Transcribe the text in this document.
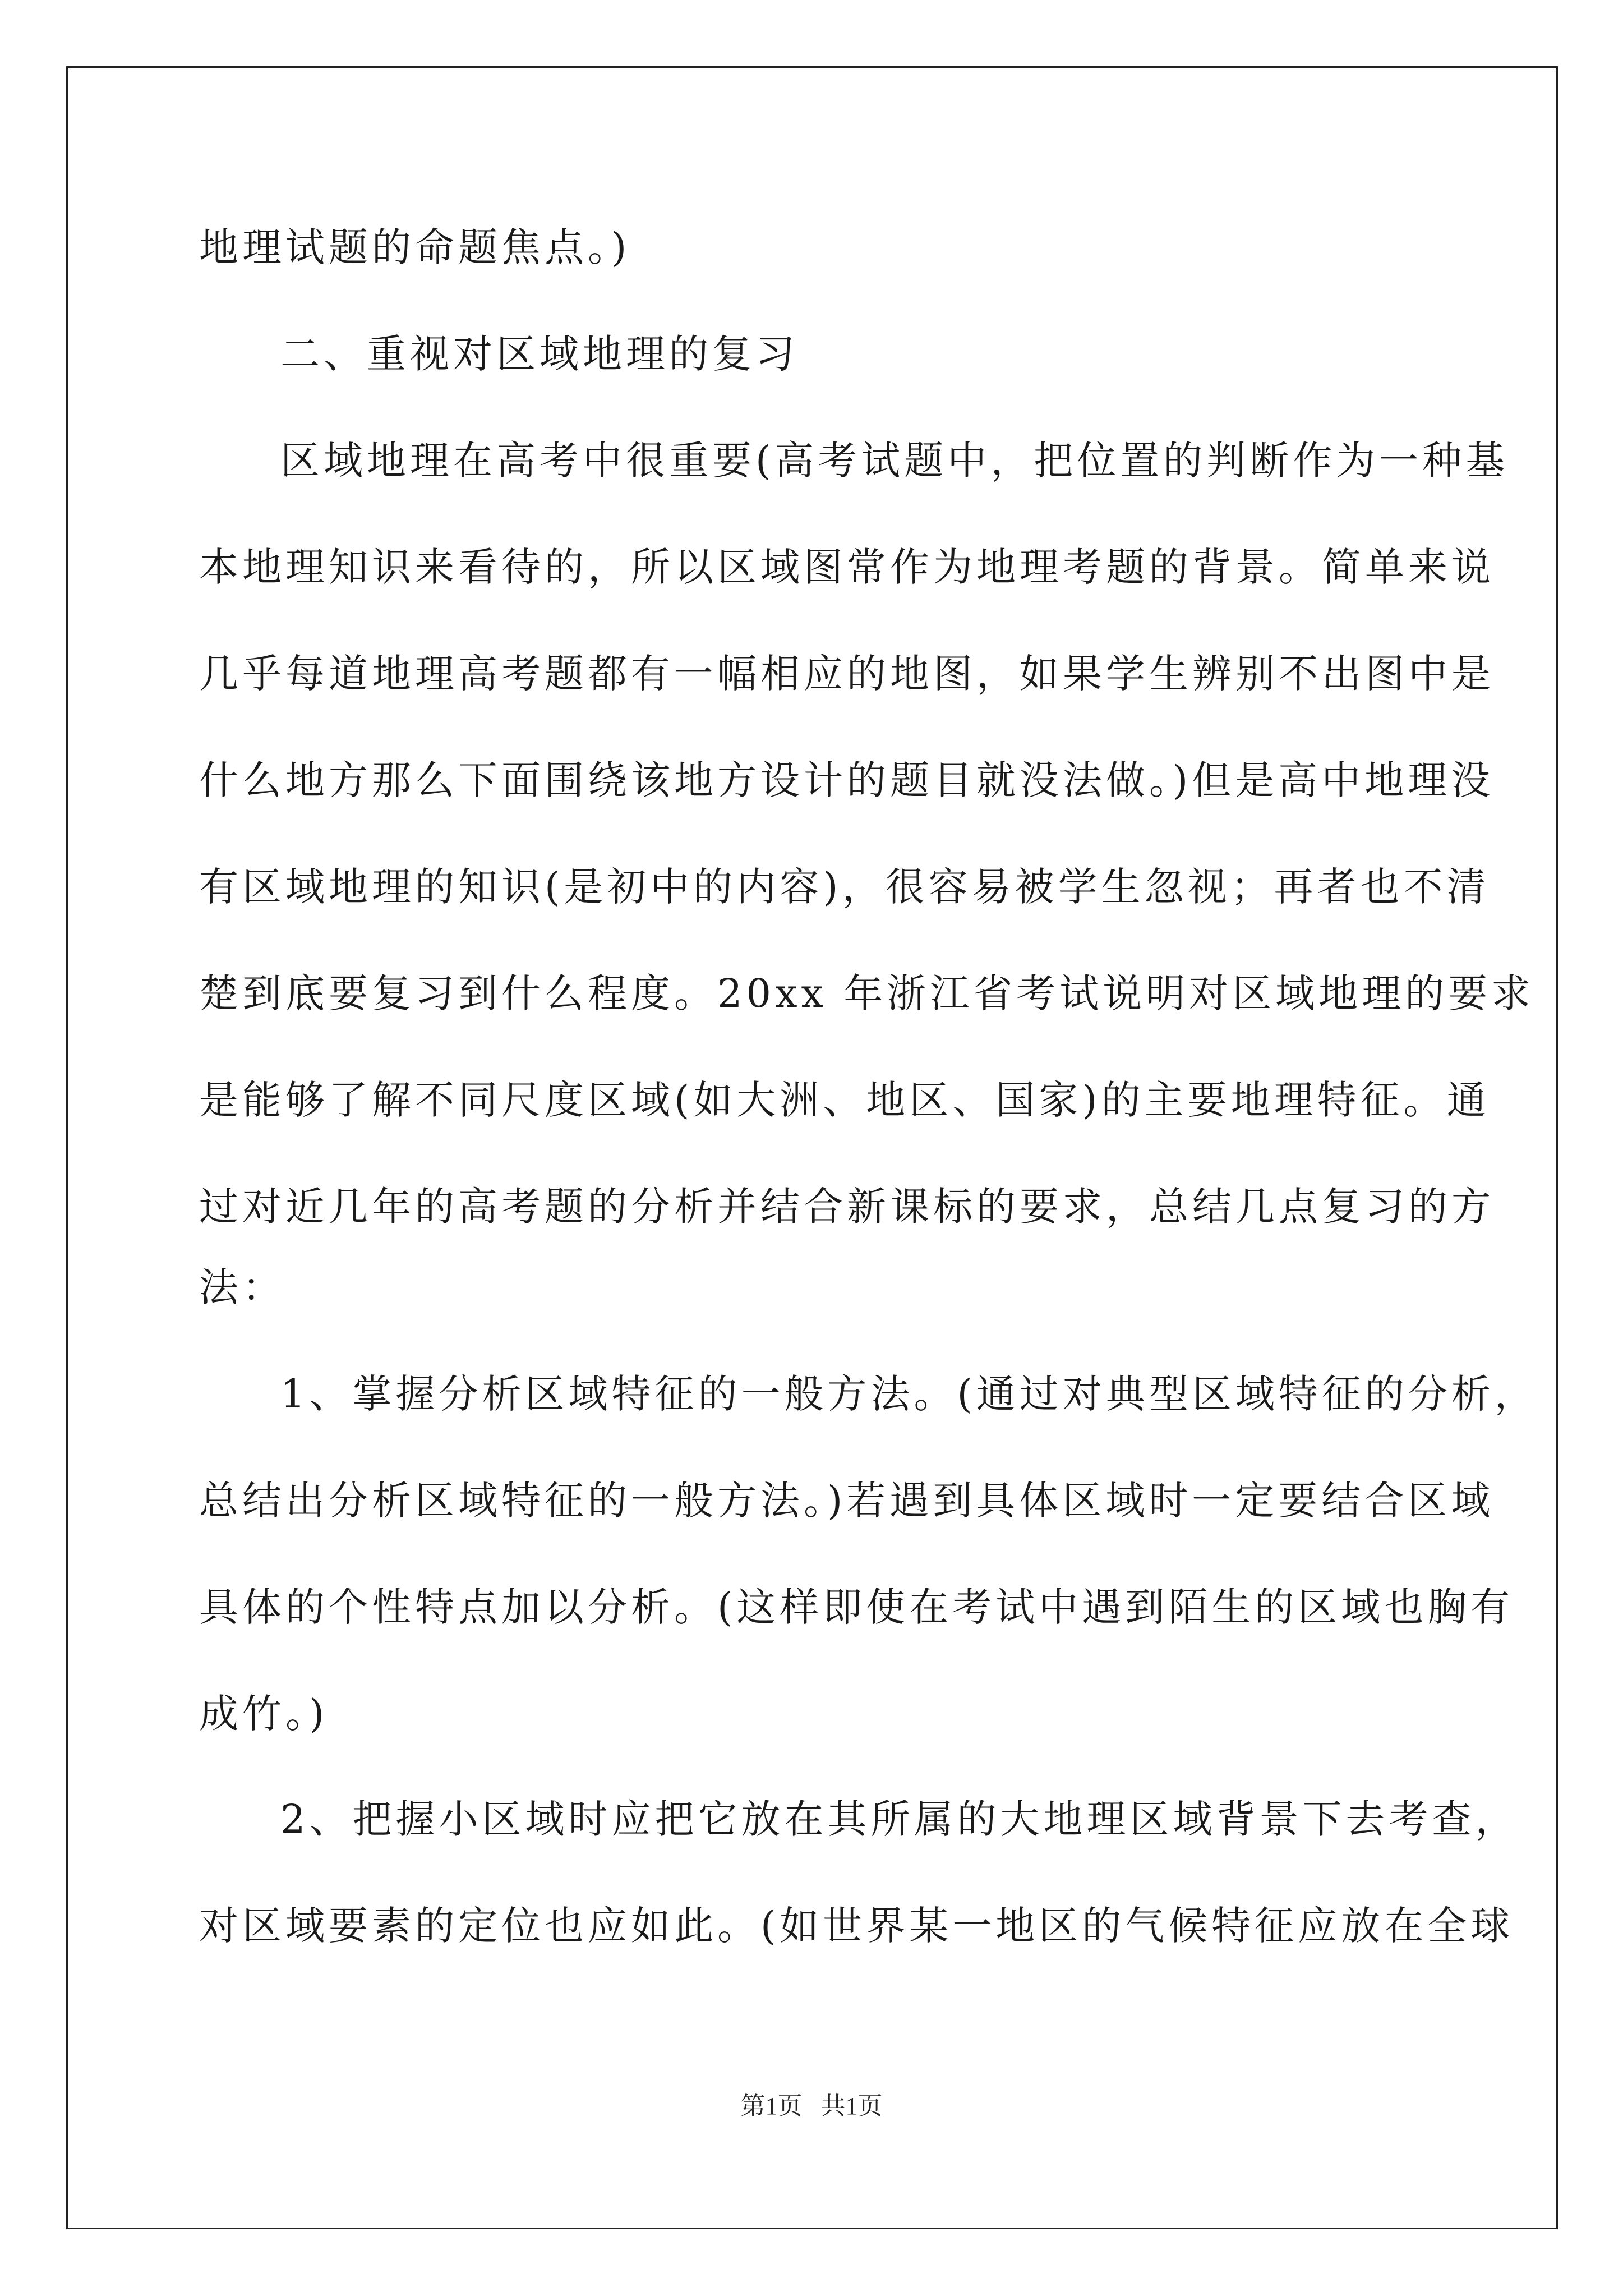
地理试题的命题焦点。)

二、重视对区域地理的复习

区域地理在高考中很重要(高考试题中，把位置的判断作为一种基

本地理知识来看待的，所以区域图常作为地理考题的背景。简单来说

几乎每道地理高考题都有一幅相应的地图，如果学生辨别不出图中是

什么地方那么下面围绕该地方设计的题目就没法做。)但是高中地理没

有区域地理的知识(是初中的内容)，很容易被学生忽视；再者也不清

楚到底要复习到什么程度。20xx 年浙江省考试说明对区域地理的要求

是能够了解不同尺度区域(如大洲、地区、国家)的主要地理特征。通

过对近几年的高考题的分析并结合新课标的要求，总结几点复习的方

法：

1、掌握分析区域特征的一般方法。(通过对典型区域特征的分析，

总结出分析区域特征的一般方法。)若遇到具体区域时一定要结合区域

具体的个性特点加以分析。(这样即使在考试中遇到陌生的区域也胸有

成竹。)

2、把握小区域时应把它放在其所属的大地理区域背景下去考查，

对区域要素的定位也应如此。(如世界某一地区的气候特征应放在全球

第1页   共1页
